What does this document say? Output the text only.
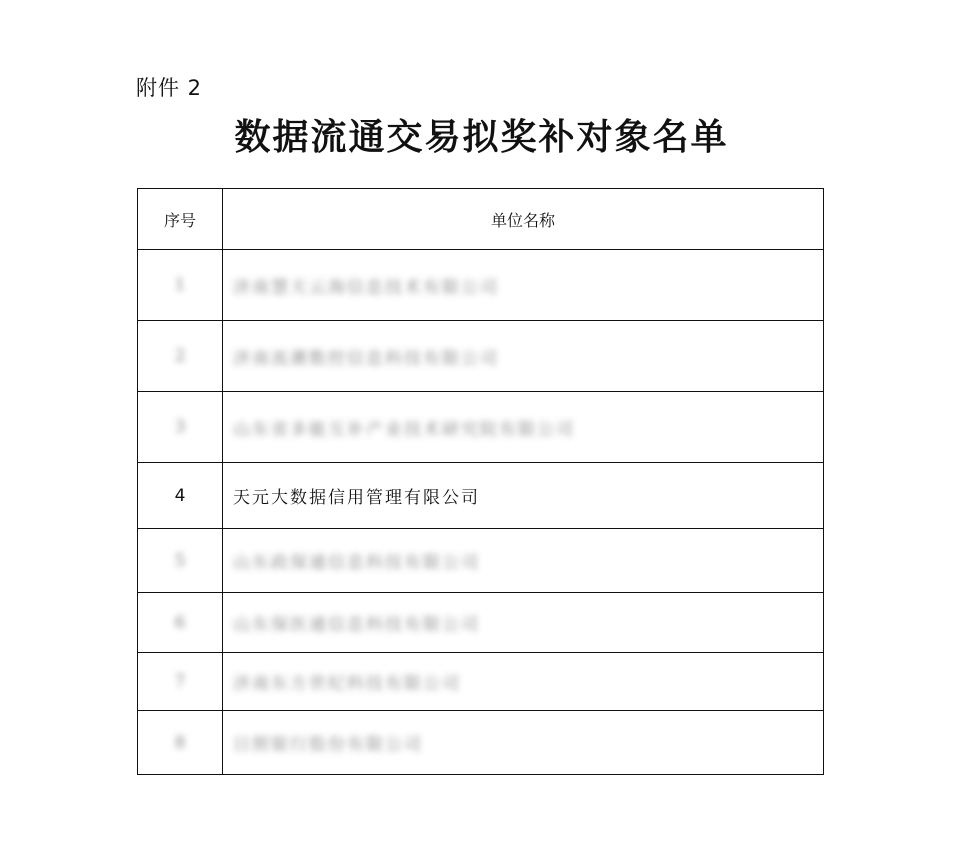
附件 2
数据流通交易拟奖补对象名单
序号	单位名称
1	济南慧天云海信息技术有限公司
2	济南流潮数控信息科技有限公司
3	山东省多能互补产业技术研究院有限公司
4	天元大数据信用管理有限公司
5	山东政保通信息科技有限公司
6	山东保医通信息科技有限公司
7	济南东方世纪科技有限公司
8	日照银行股份有限公司
